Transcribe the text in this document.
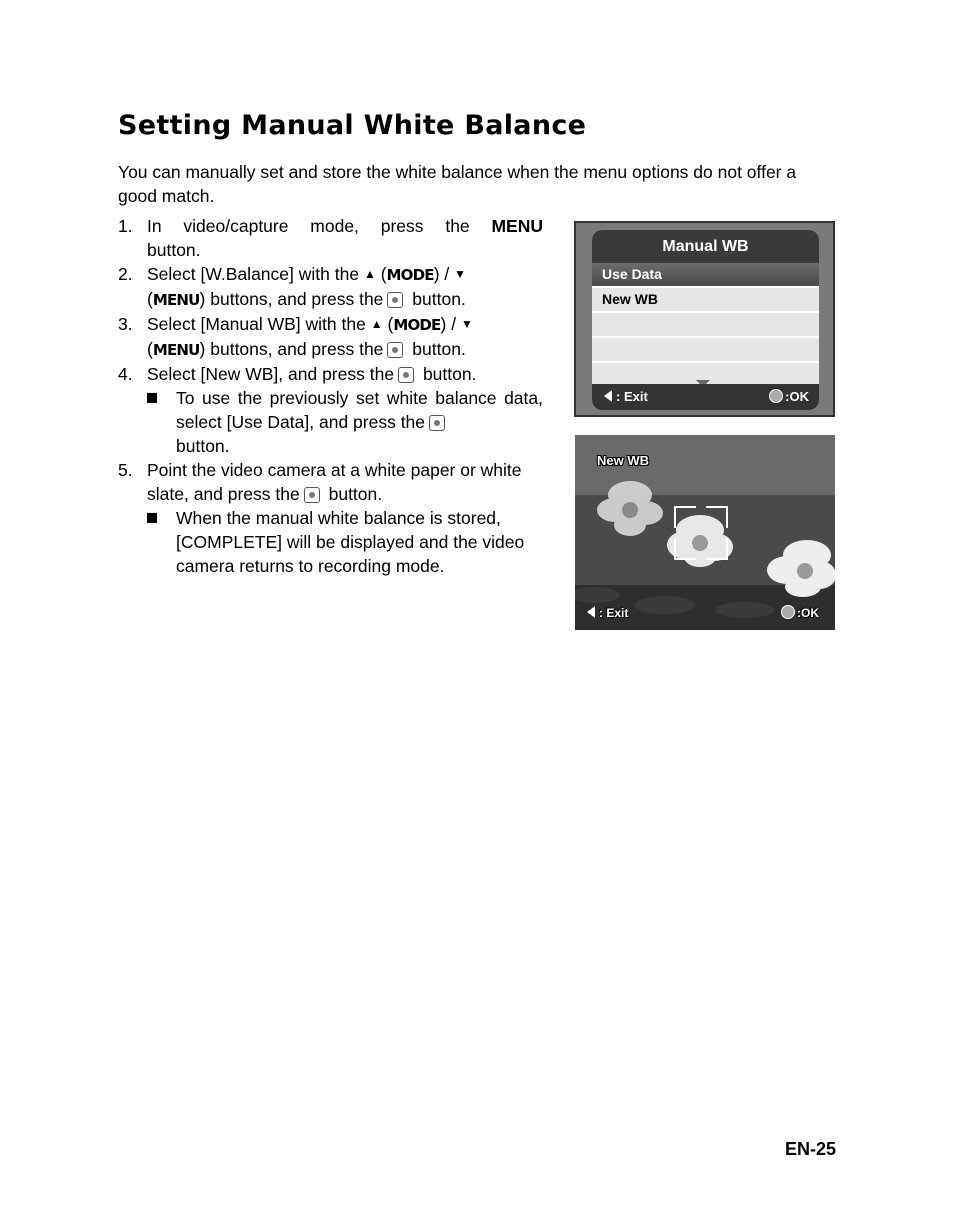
Setting Manual White Balance

You can manually set and store the white balance when the menu options do not offer a good match.

1. In video/capture mode, press the MENU
button.
2. Select [W.Balance] with the ▲ (MODE) / ▼
(MENU) buttons, and press the button.
3. Select [Manual WB] with the ▲ (MODE) / ▼
(MENU) buttons, and press the button.
4. Select [New WB], and press the button.
To use the previously set white balance data, select [Use Data], and press the
button.
5. Point the video camera at a white paper or white slate, and press the button.
When the manual white balance is stored, [COMPLETE] will be displayed and the video camera returns to recording mode.
Manual WB
Use Data
New WB
: Exit	:OK
New WB
: Exit	:OK
EN-25
